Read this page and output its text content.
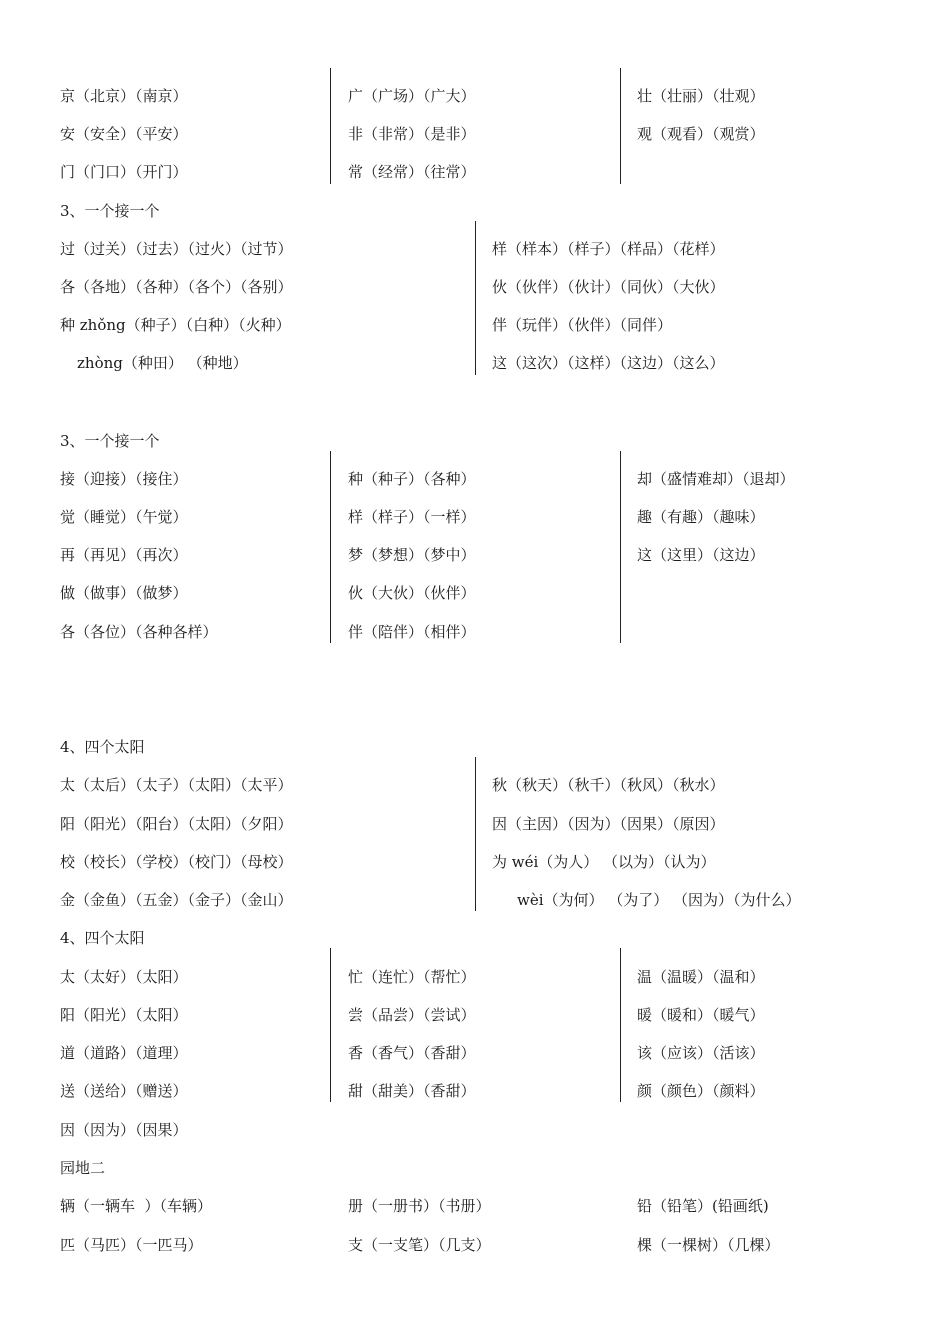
京（北京）（南京）
安（安全）（平安）
门（门口）（开门）
广（广场）（广大）
非（非常）（是非）
常（经常）（往常）
壮（壮丽）（壮观）
观（观看）（观赏）
3、一个接一个
过（过关）（过去）（过火）（过节）
各（各地）（各种）（各个）（各别）
种 zhǒng（种子）（白种）（火种）
zhòng（种田） （种地）
样（样本）（样子）（样品）（花样）
伙（伙伴）（伙计）（同伙）（大伙）
伴（玩伴）（伙伴）（同伴）
这（这次）（这样）（这边）（这么）
3、一个接一个
接（迎接）（接住）
觉（睡觉）（午觉）
再（再见）（再次）
做（做事）（做梦）
各（各位）（各种各样）
种（种子）（各种）
样（样子）（一样）
梦（梦想）（梦中）
伙（大伙）（伙伴）
伴（陪伴）（相伴）
却（盛情难却）（退却）
趣（有趣）（趣味）
这（这里）（这边）
4、四个太阳
太（太后）（太子）（太阳）（太平）
阳（阳光）（阳台）（太阳）（夕阳）
校（校长）（学校）（校门）（母校）
金（金鱼）（五金）（金子）（金山）
秋（秋天）（秋千）（秋风）（秋水）
因（主因）（因为）（因果）（原因）
为 wéi（为人） （以为）（认为）
wèi（为何） （为了） （因为）（为什么）
4、四个太阳
太（太好）（太阳）
阳（阳光）（太阳）
道（道路）（道理）
送（送给）（赠送）
因（因为）（因果）
忙（连忙）（帮忙）
尝（品尝）（尝试）
香（香气）（香甜）
甜（甜美）（香甜）
温（温暖）（温和）
暖（暖和）（暖气）
该（应该）（活该）
颜（颜色）（颜料）
园地二
辆（一辆车  ）（车辆）
匹（马匹）（一匹马）
册（一册书）（书册）
支（一支笔）（几支）
铅（铅笔）(铅画纸)
棵（一棵树）（几棵）
